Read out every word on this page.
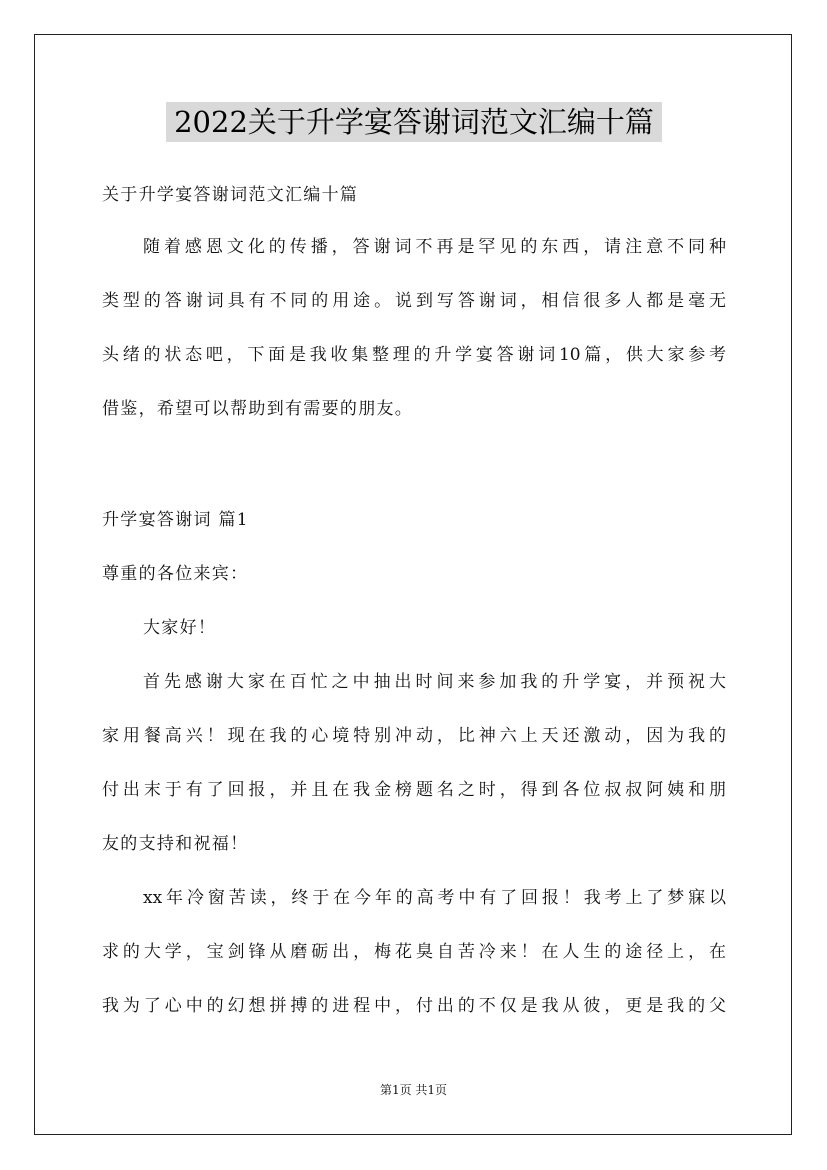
2022关于升学宴答谢词范文汇编十篇
关于升学宴答谢词范文汇编十篇
随着感恩文化的传播，答谢词不再是罕见的东西，请注意不同种
类型的答谢词具有不同的用途。说到写答谢词，相信很多人都是毫无
头绪的状态吧，下面是我收集整理的升学宴答谢词10篇，供大家参考
借鉴，希望可以帮助到有需要的朋友。
升学宴答谢词 篇1
尊重的各位来宾：
大家好！
首先感谢大家在百忙之中抽出时间来参加我的升学宴，并预祝大
家用餐高兴！现在我的心境特别冲动，比神六上天还激动，因为我的
付出末于有了回报，并且在我金榜题名之时，得到各位叔叔阿姨和朋
友的支持和祝福！
xx年冷窗苦读，终于在今年的高考中有了回报！我考上了梦寐以
求的大学，宝剑锋从磨砺出，梅花臭自苦冷来！在人生的途径上，在
我为了心中的幻想拼搏的进程中，付出的不仅是我从彼，更是我的父
第1页 共1页
